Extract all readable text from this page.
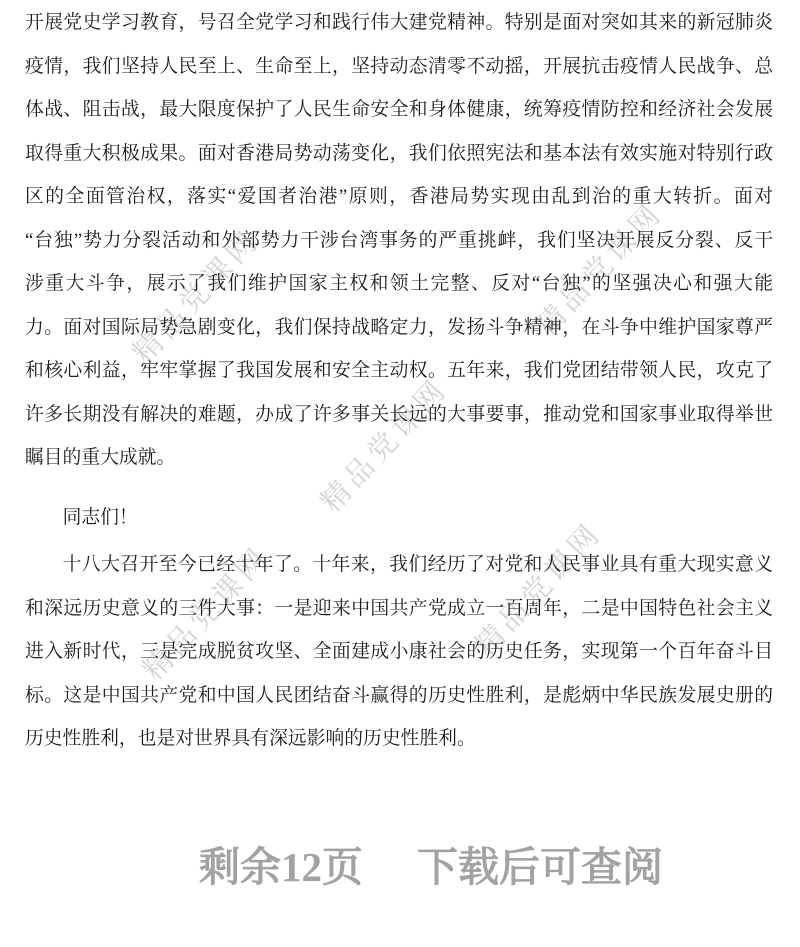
精品党课网	精品党课网
精品党课网
精品党课网	精品党课网
开展党史学习教育，号召全党学习和践行伟大建党精神。特别是面对突如其来的新冠肺炎
疫情，我们坚持人民至上、生命至上，坚持动态清零不动摇，开展抗击疫情人民战争、总
体战、阻击战，最大限度保护了人民生命安全和身体健康，统筹疫情防控和经济社会发展
取得重大积极成果。面对香港局势动荡变化，我们依照宪法和基本法有效实施对特别行政
区的全面管治权，落实“爱国者治港”原则，香港局势实现由乱到治的重大转折。面对
“台独”势力分裂活动和外部势力干涉台湾事务的严重挑衅，我们坚决开展反分裂、反干
涉重大斗争，展示了我们维护国家主权和领土完整、反对“台独”的坚强决心和强大能
力。面对国际局势急剧变化，我们保持战略定力，发扬斗争精神，在斗争中维护国家尊严
和核心利益，牢牢掌握了我国发展和安全主动权。五年来，我们党团结带领人民，攻克了
许多长期没有解决的难题，办成了许多事关长远的大事要事，推动党和国家事业取得举世
瞩目的重大成就。
同志们！
十八大召开至今已经十年了。十年来，我们经历了对党和人民事业具有重大现实意义
和深远历史意义的三件大事：一是迎来中国共产党成立一百周年，二是中国特色社会主义
进入新时代，三是完成脱贫攻坚、全面建成小康社会的历史任务，实现第一个百年奋斗目
标。这是中国共产党和中国人民团结奋斗赢得的历史性胜利，是彪炳中华民族发展史册的
历史性胜利，也是对世界具有深远影响的历史性胜利。
剩余12页 下载后可查阅
